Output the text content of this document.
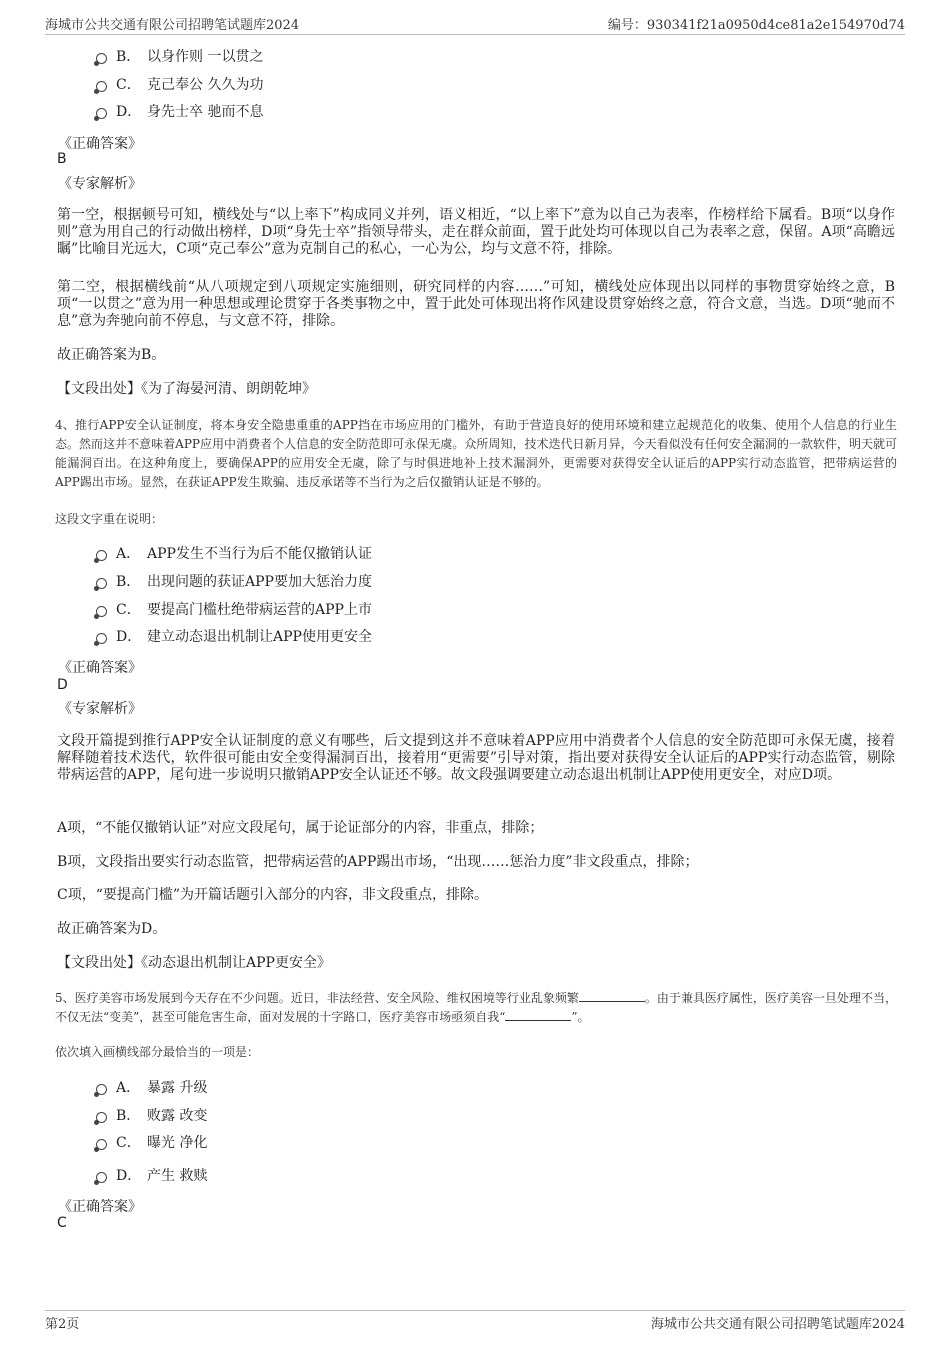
海城市公共交通有限公司招聘笔试题库2024	编号：930341f21a0950d4ce81a2e154970d74
B． 以身作则 一以贯之
C． 克己奉公 久久为功
D． 身先士卒 驰而不息
《正确答案》
B
《专家解析》
第一空，根据顿号可知，横线处与“以上率下”构成同义并列，语义相近，“以上率下”意为以自己为表率，作榜样给下属看。B项“以身作则”意为用自己的行动做出榜样，D项“身先士卒”指领导带头，走在群众前面，置于此处均可体现以自己为表率之意，保留。A项“高瞻远瞩”比喻目光远大，C项“克己奉公”意为克制自己的私心，一心为公，均与文意不符，排除。
第二空，根据横线前“从八项规定到八项规定实施细则，研究同样的内容……”可知，横线处应体现出以同样的事物贯穿始终之意，B项“一以贯之”意为用一种思想或理论贯穿于各类事物之中，置于此处可体现出将作风建设贯穿始终之意，符合文意，当选。D项“驰而不息”意为奔驰向前不停息，与文意不符，排除。
故正确答案为B。
【文段出处】《为了海晏河清、朗朗乾坤》
4、推行APP安全认证制度，将本身安全隐患重重的APP挡在市场应用的门槛外，有助于营造良好的使用环境和建立起规范化的收集、使用个人信息的行业生态。然而这并不意味着APP应用中消费者个人信息的安全防范即可永保无虞。众所周知，技术迭代日新月异，今天看似没有任何安全漏洞的一款软件，明天就可能漏洞百出。在这种角度上，要确保APP的应用安全无虞，除了与时俱进地补上技术漏洞外，更需要对获得安全认证后的APP实行动态监管，把带病运营的APP踢出市场。显然，在获证APP发生欺骗、违反承诺等不当行为之后仅撤销认证是不够的。
这段文字重在说明：
A． APP发生不当行为后不能仅撤销认证
B． 出现问题的获证APP要加大惩治力度
C． 要提高门槛杜绝带病运营的APP上市
D． 建立动态退出机制让APP使用更安全
《正确答案》
D
《专家解析》
文段开篇提到推行APP安全认证制度的意义有哪些，后文提到这并不意味着APP应用中消费者个人信息的安全防范即可永保无虞，接着解释随着技术迭代，软件很可能由安全变得漏洞百出，接着用“更需要”引导对策，指出要对获得安全认证后的APP实行动态监管，剔除带病运营的APP，尾句进一步说明只撤销APP安全认证还不够。故文段强调要建立动态退出机制让APP使用更安全，对应D项。
A项，“不能仅撤销认证”对应文段尾句，属于论证部分的内容，非重点，排除；
B项，文段指出要实行动态监管，把带病运营的APP踢出市场，“出现……惩治力度”非文段重点，排除；
C项，“要提高门槛”为开篇话题引入部分的内容，非文段重点，排除。
故正确答案为D。
【文段出处】《动态退出机制让APP更安全》
5、医疗美容市场发展到今天存在不少问题。近日，非法经营、安全风险、维权困境等行业乱象频繁	。由于兼具医疗属性，医疗美容一旦处理不当，不仅无法“变美”，甚至可能危害生命，面对发展的十字路口，医疗美容市场亟须自我“	”。
依次填入画横线部分最恰当的一项是：
A． 暴露 升级
B． 败露 改变
C． 曝光 净化
D． 产生 救赎
《正确答案》
C
第2页	海城市公共交通有限公司招聘笔试题库2024
